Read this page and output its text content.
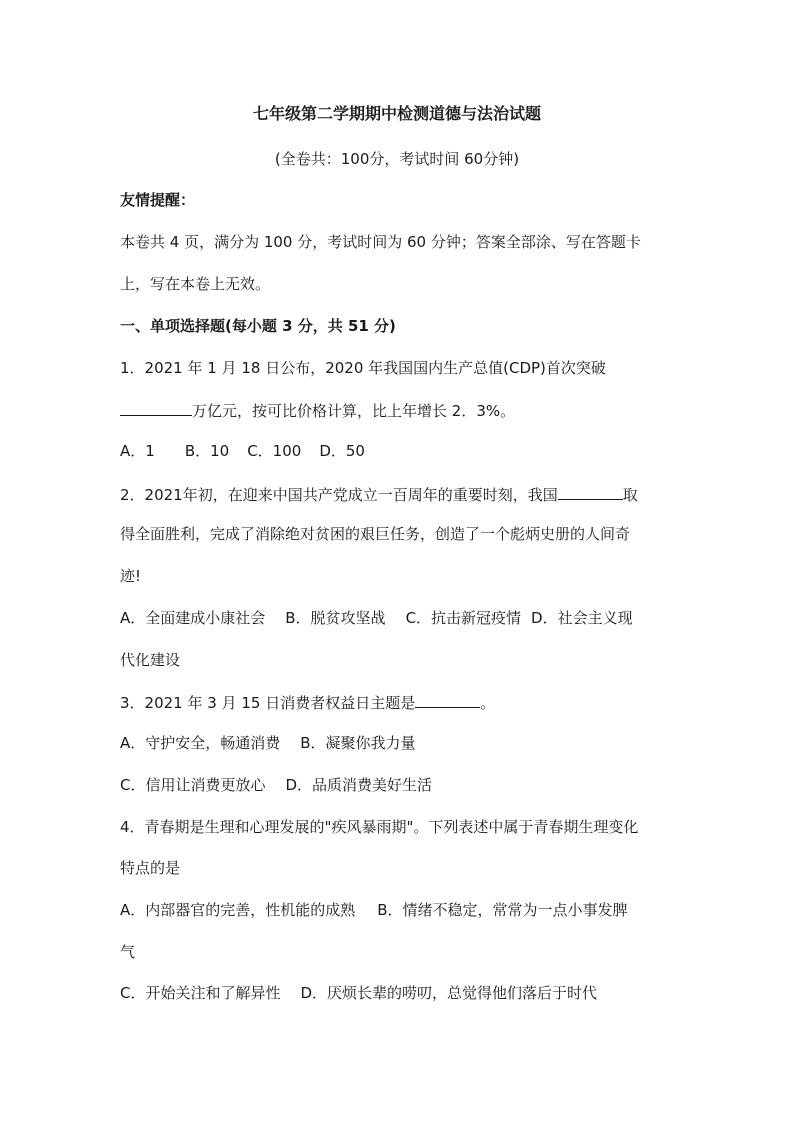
七年级第二学期期中检测道德与法治试题
(全卷共：100分，考试时间 60分钟)
友情提醒：
本卷共 4 页，满分为 100 分，考试时间为 60 分钟；答案全部涂、写在答题卡
上，写在本卷上无效。
一、单项选择题(每小题 3 分，共 51 分)
1．2021 年 1 月 18 日公布，2020 年我国国内生产总值(CDP)首次突破
万亿元，按可比价格计算，比上年增长 2．3%。
A．1 B．10 C．100 D．50
2．2021年初，在迎来中国共产党成立一百周年的重要时刻，我国	取
得全面胜利，完成了消除绝对贫困的艰巨任务，创造了一个彪炳史册的人间奇
迹!
A．全面建成小康社会 B．脱贫攻坚战 C．抗击新冠疫情 D．社会主义现
代化建设
3．2021 年 3 月 15 日消费者权益日主题是	。
A．守护安全，畅通消费 B．凝聚你我力量
C．信用让消费更放心 D．品质消费美好生活
4．青春期是生理和心理发展的"疾风暴雨期"。下列表述中属于青春期生理变化
特点的是
A．内部器官的完善，性机能的成熟 B．情绪不稳定，常常为一点小事发脾
气
C．开始关注和了解异性 D．厌烦长辈的唠叨，总觉得他们落后于时代
